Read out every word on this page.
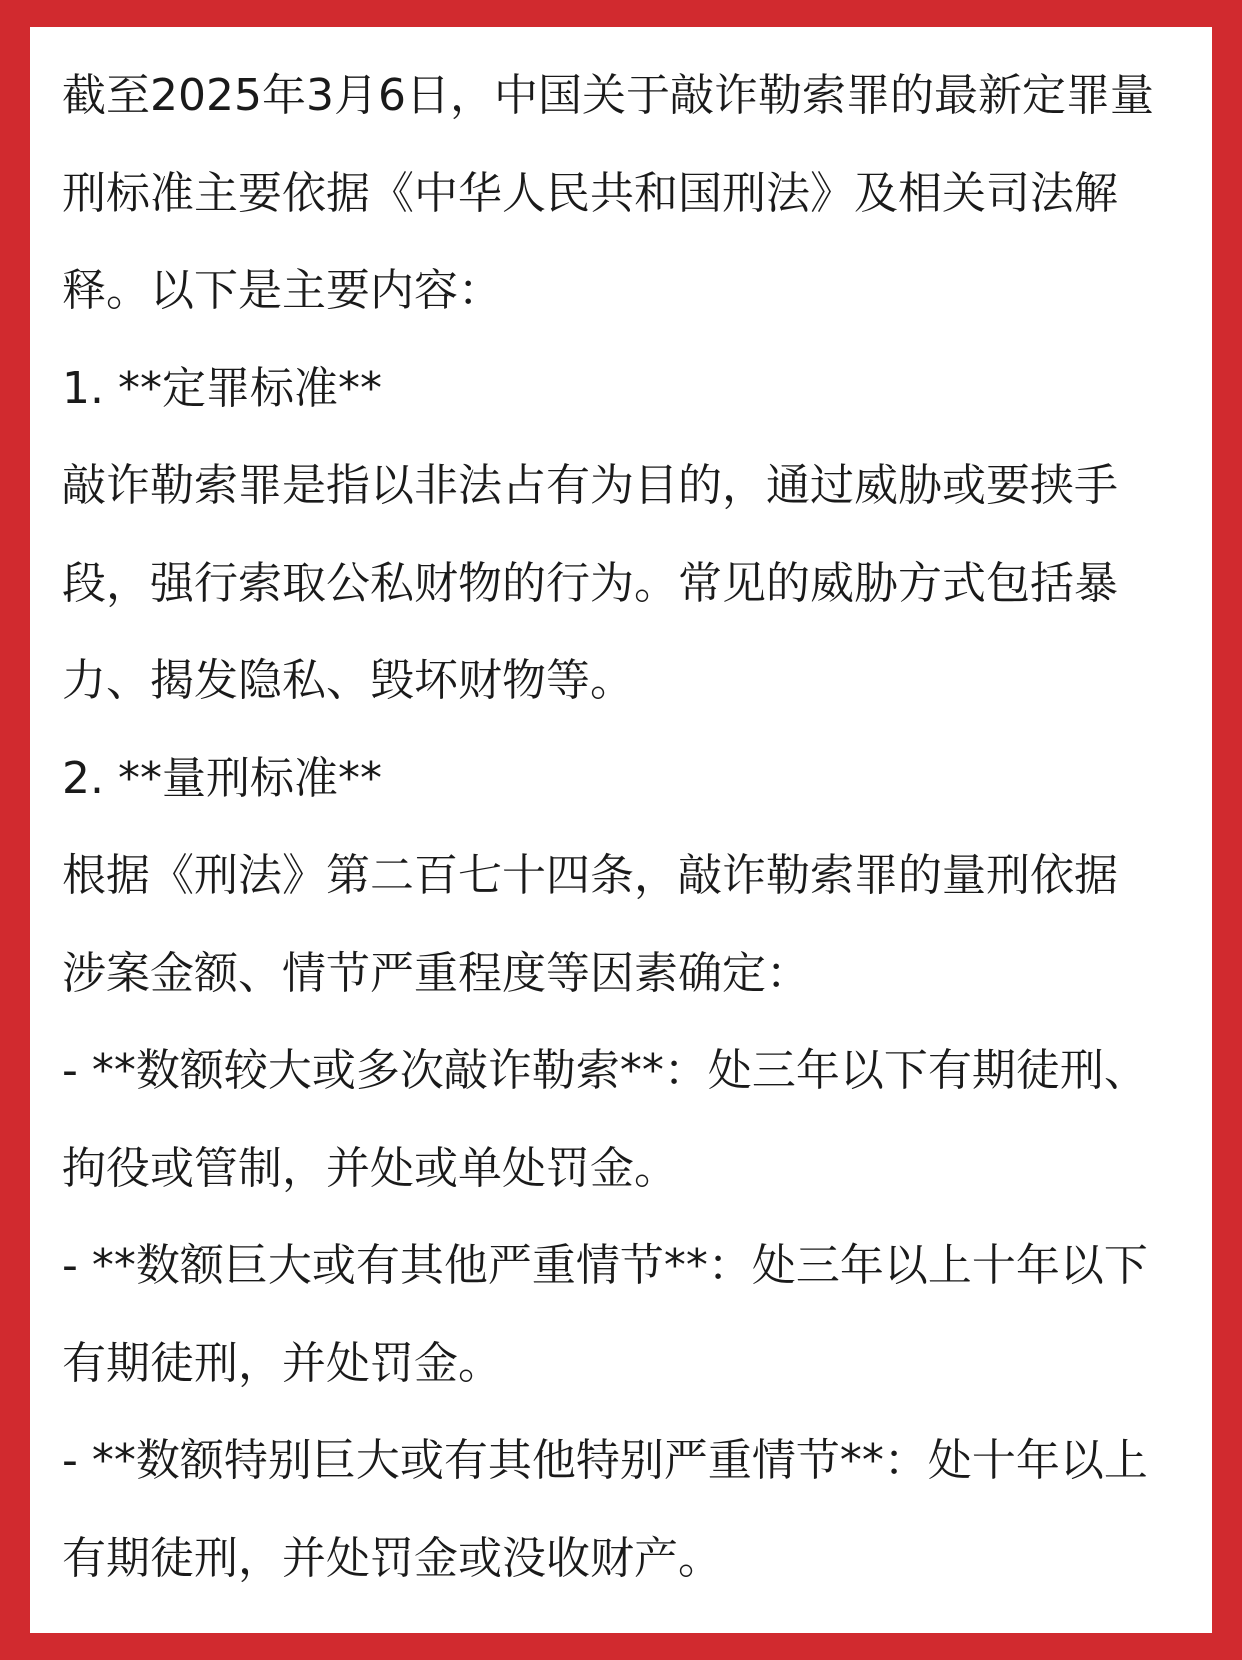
截至2025年3月6日，中国关于敲诈勒索罪的最新定罪量
刑标准主要依据《中华人民共和国刑法》及相关司法解
释。以下是主要内容：
1. **定罪标准**
敲诈勒索罪是指以非法占有为目的，通过威胁或要挟手
段，强行索取公私财物的行为。常见的威胁方式包括暴
力、揭发隐私、毁坏财物等。
2. **量刑标准**
根据《刑法》第二百七十四条，敲诈勒索罪的量刑依据
涉案金额、情节严重程度等因素确定：
- **数额较大或多次敲诈勒索**：处三年以下有期徒刑、
拘役或管制，并处或单处罚金。
- **数额巨大或有其他严重情节**：处三年以上十年以下
有期徒刑，并处罚金。
- **数额特别巨大或有其他特别严重情节**：处十年以上
有期徒刑，并处罚金或没收财产。
